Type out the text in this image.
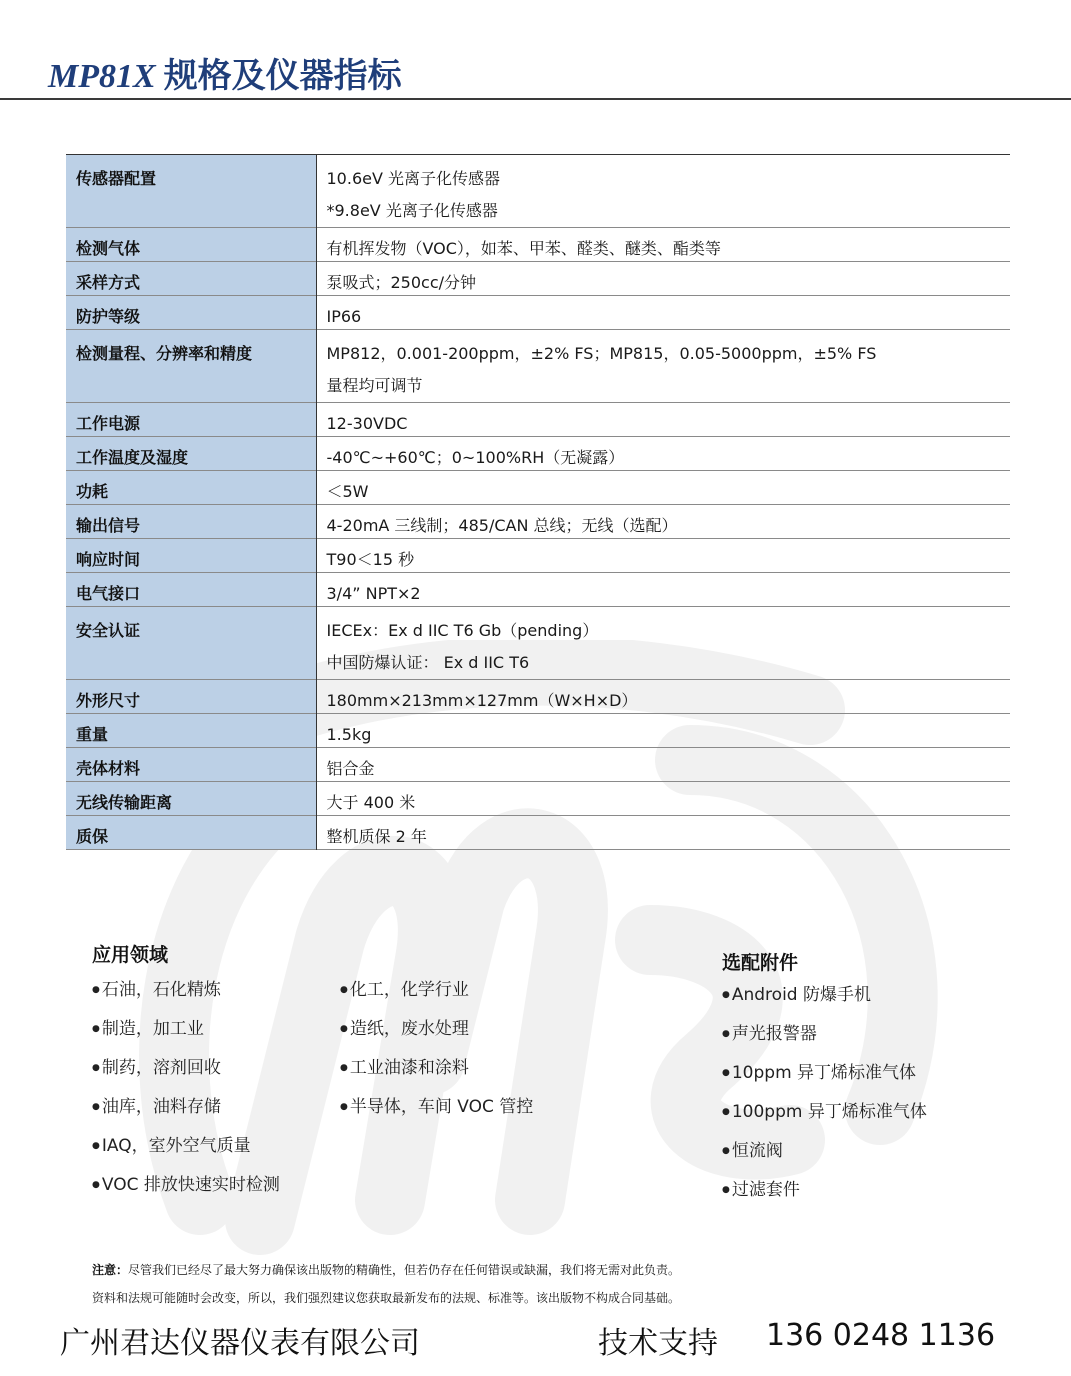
MP81X 规格及仪器指标
传感器配置	10.6eV 光离子化传感器
*9.8eV 光离子化传感器

检测气体	有机挥发物（VOC），如苯、甲苯、醛类、醚类、酯类等
采样方式	泵吸式；250cc/分钟
防护等级	IP66
检测量程、分辨率和精度	MP812，0.001-200ppm，±2% FS；MP815，0.05-5000ppm，±5% FS
量程均可调节

工作电源	12-30VDC
工作温度及湿度	-40℃~+60℃；0~100%RH（无凝露）
功耗	＜5W
输出信号	4-20mA 三线制；485/CAN 总线；无线（选配）
响应时间	T90＜15 秒
电气接口	3/4” NPT×2
安全认证	IECEx：Ex d IIC T6 Gb（pending）
中国防爆认证： Ex d IIC T6

外形尺寸	180mm×213mm×127mm（W×H×D）
重量	1.5kg
壳体材料	铝合金
无线传输距离	大于 400 米
质保	整机质保 2 年
应用领域
● 石油，石化精炼
● 制造，加工业
● 制药，溶剂回收
● 油库，油料存储
● IAQ，室外空气质量
● VOC 排放快速实时检测
● 化工，化学行业
● 造纸，废水处理
● 工业油漆和涂料
● 半导体，车间 VOC 管控
选配附件
● Android 防爆手机
● 声光报警器
● 10ppm 异丁烯标准气体
● 100ppm 异丁烯标准气体
● 恒流阀
● 过滤套件
注意：尽管我们已经尽了最大努力确保该出版物的精确性，但若仍存在任何错误或缺漏，我们将无需对此负责。
资料和法规可能随时会改变，所以，我们强烈建议您获取最新发布的法规、标准等。该出版物不构成合同基础。
广州君达仪器仪表有限公司	技术支持 136 0248 1136
